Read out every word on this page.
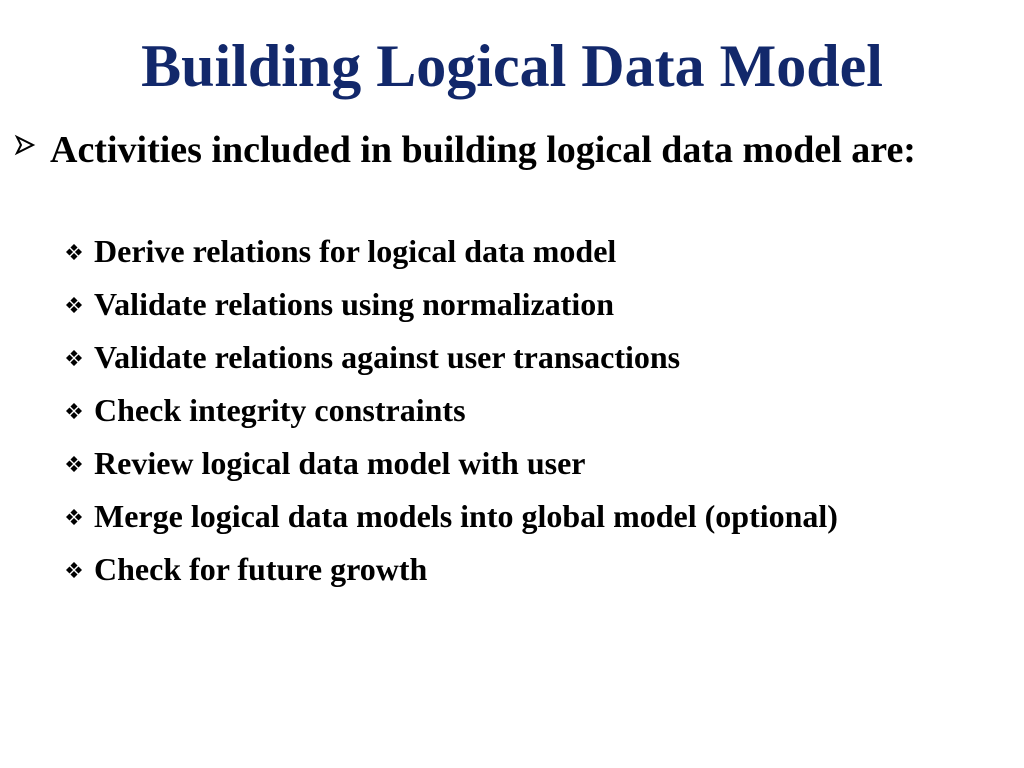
Building Logical Data Model
Activities included in building logical data model are:
Derive relations for logical data model
Validate relations using normalization
Validate relations against user transactions
Check integrity constraints
Review logical data model with user
Merge logical data models into global model (optional)
Check for future growth
